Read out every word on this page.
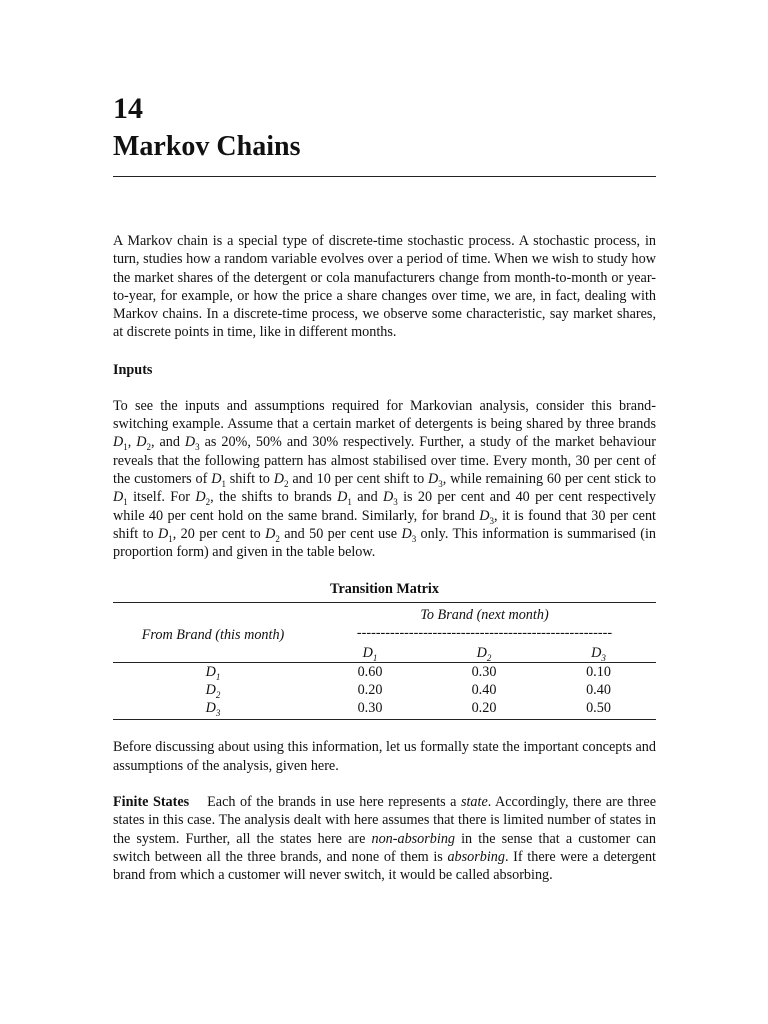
14
Markov Chains

A Markov chain is a special type of discrete-time stochastic process. A stochastic process, in turn, studies how a random variable evolves over a period of time. When we wish to study how the market shares of the detergent or cola manufacturers change from month-to-month or year-to-year, for example, or how the price a share changes over time, we are, in fact, dealing with Markov chains. In a discrete-time process, we observe some characteristic, say market shares, at discrete points in time, like in different months.

Inputs

To see the inputs and assumptions required for Markovian analysis, consider this brand-switching example. Assume that a certain market of detergents is being shared by three brands $D_1$, $D_2$, and $D_3$ as 20%, 50% and 30% respectively. Further, a study of the market behaviour reveals that the following pattern has almost stabilised over time. Every month, 30 per cent of the customers of $D_1$ shift to $D_2$ and 10 per cent shift to $D_3$, while remaining 60 per cent stick to $D_1$ itself. For $D_2$, the shifts to brands $D_1$ and $D_3$ is 20 per cent and 40 per cent respectively while 40 per cent hold on the same brand. Similarly, for brand $D_3$, it is found that 30 per cent shift to $D_1$, 20 per cent to $D_2$ and 50 per cent use $D_3$ only. This information is summarised (in proportion form) and given in the table below.

Transition Matrix
	To Brand (next month)		
From Brand (this month)	------------------------------------------------------		
	$D_1$	$D_2$	$D_3$
$D_1$	0.60	0.30	0.10
$D_2$	0.20	0.40	0.40
$D_3$	0.30	0.20	0.50

Before discussing about using this information, let us formally state the important concepts and assumptions of the analysis, given here.

Finite States Each of the brands in use here represents a state. Accordingly, there are three states in this case. The analysis dealt with here assumes that there is limited number of states in the system. Further, all the states here are non-absorbing in the sense that a customer can switch between all the three brands, and none of them is absorbing. If there were a detergent brand from which a customer will never switch, it would be called absorbing.
